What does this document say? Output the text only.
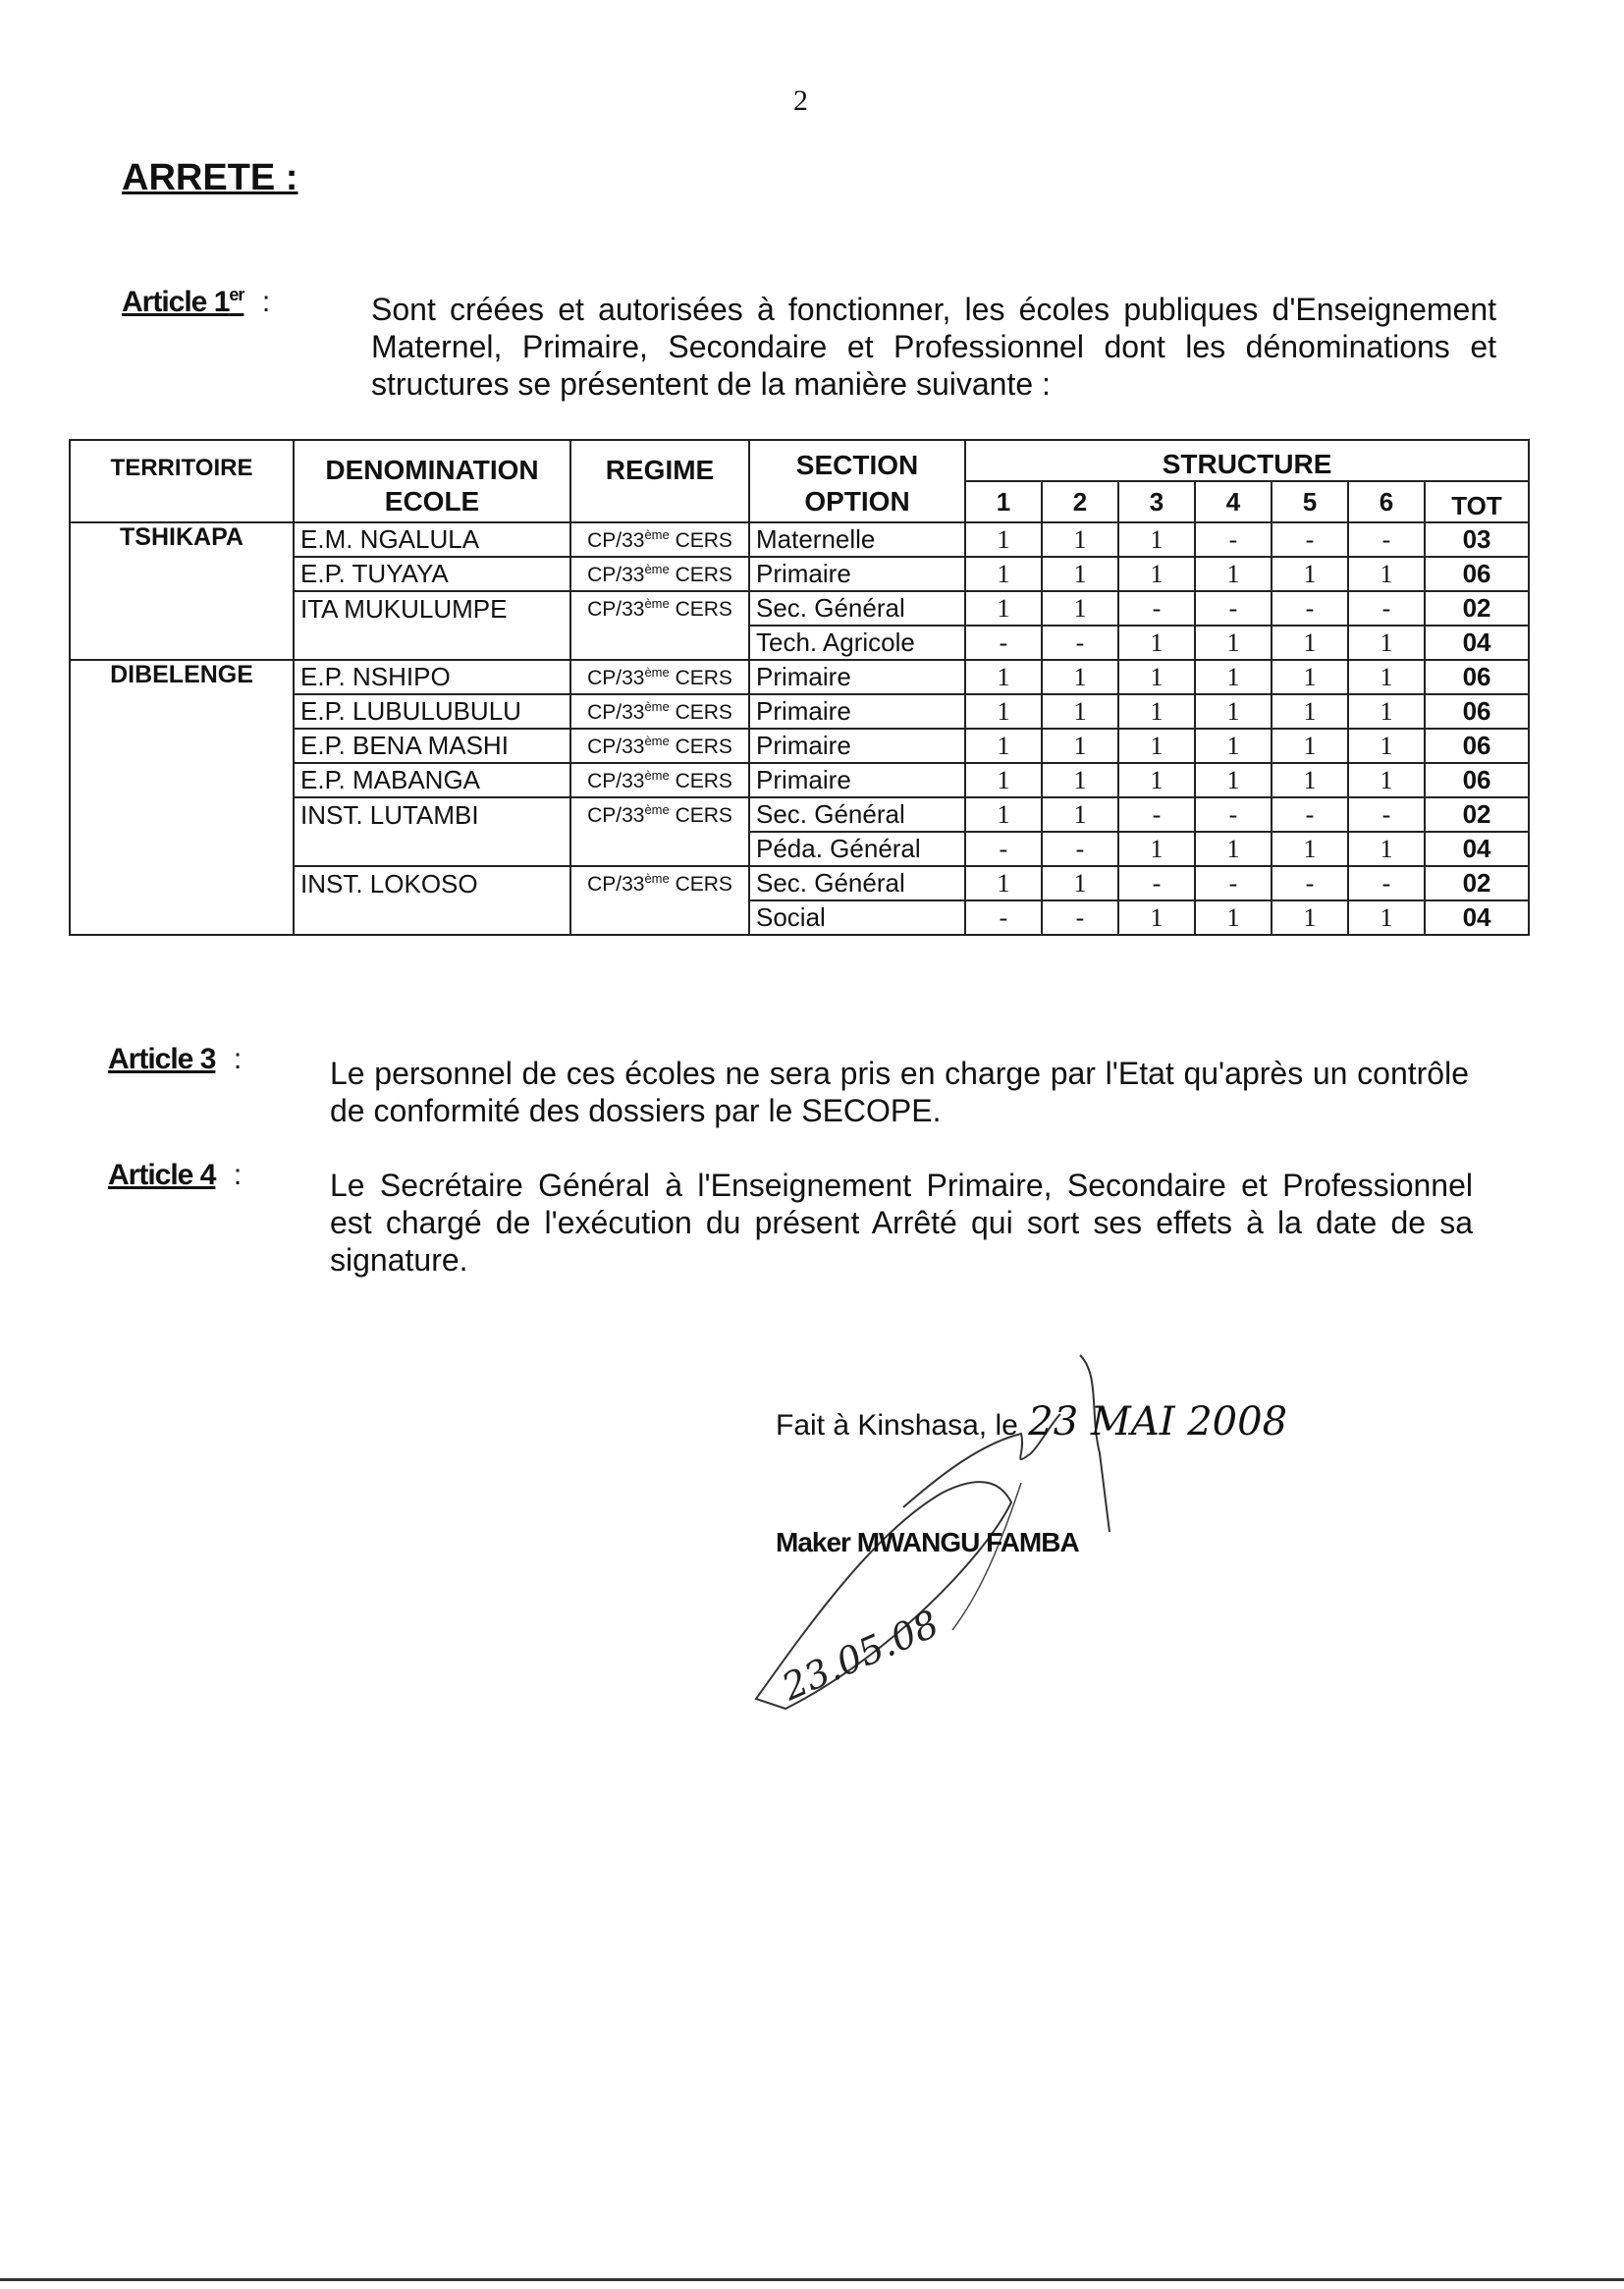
2
ARRETE :
Article 1er :	Sont créées et autorisées à fonctionner, les écoles publiques d'Enseignement Maternel, Primaire, Secondaire et Professionnel dont les dénominations et structures se présentent de la manière suivante :
TERRITOIRE	DENOMINATION ECOLE	REGIME	SECTION	STRUCTURE						
			OPTION	1	2	3	4	5	6	TOT
TSHIKAPA	E.M. NGALULA	CP/33ème CERS	Maternelle	1	1	1	-	-	-	03
	E.P. TUYAYA	CP/33ème CERS	Primaire	1	1	1	1	1	1	06
	ITA MUKULUMPE	CP/33ème CERS	Sec. Général	1	1	-	-	-	-	02
			Tech. Agricole	-	-	1	1	1	1	04
DIBELENGE	E.P. NSHIPO	CP/33ème CERS	Primaire	1	1	1	1	1	1	06
	E.P. LUBULUBULU	CP/33ème CERS	Primaire	1	1	1	1	1	1	06
	E.P. BENA MASHI	CP/33ème CERS	Primaire	1	1	1	1	1	1	06
	E.P. MABANGA	CP/33ème CERS	Primaire	1	1	1	1	1	1	06
	INST. LUTAMBI	CP/33ème CERS	Sec. Général	1	1	-	-	-	-	02
			Péda. Général	-	-	1	1	1	1	04
	INST. LOKOSO	CP/33ème CERS	Sec. Général	1	1	-	-	-	-	02
			Social	-	-	1	1	1	1	04
Article 3 :	Le personnel de ces écoles ne sera pris en charge par l'Etat qu'après un contrôle de conformité des dossiers par le SECOPE.
Article 4 :	Le Secrétaire Général à l'Enseignement Primaire, Secondaire et Professionnel est chargé de l'exécution du présent Arrêté qui sort ses effets à la date de sa signature.
Fait à Kinshasa, le 23 MAI 2008
Maker MWANGU FAMBA
23.05.08
